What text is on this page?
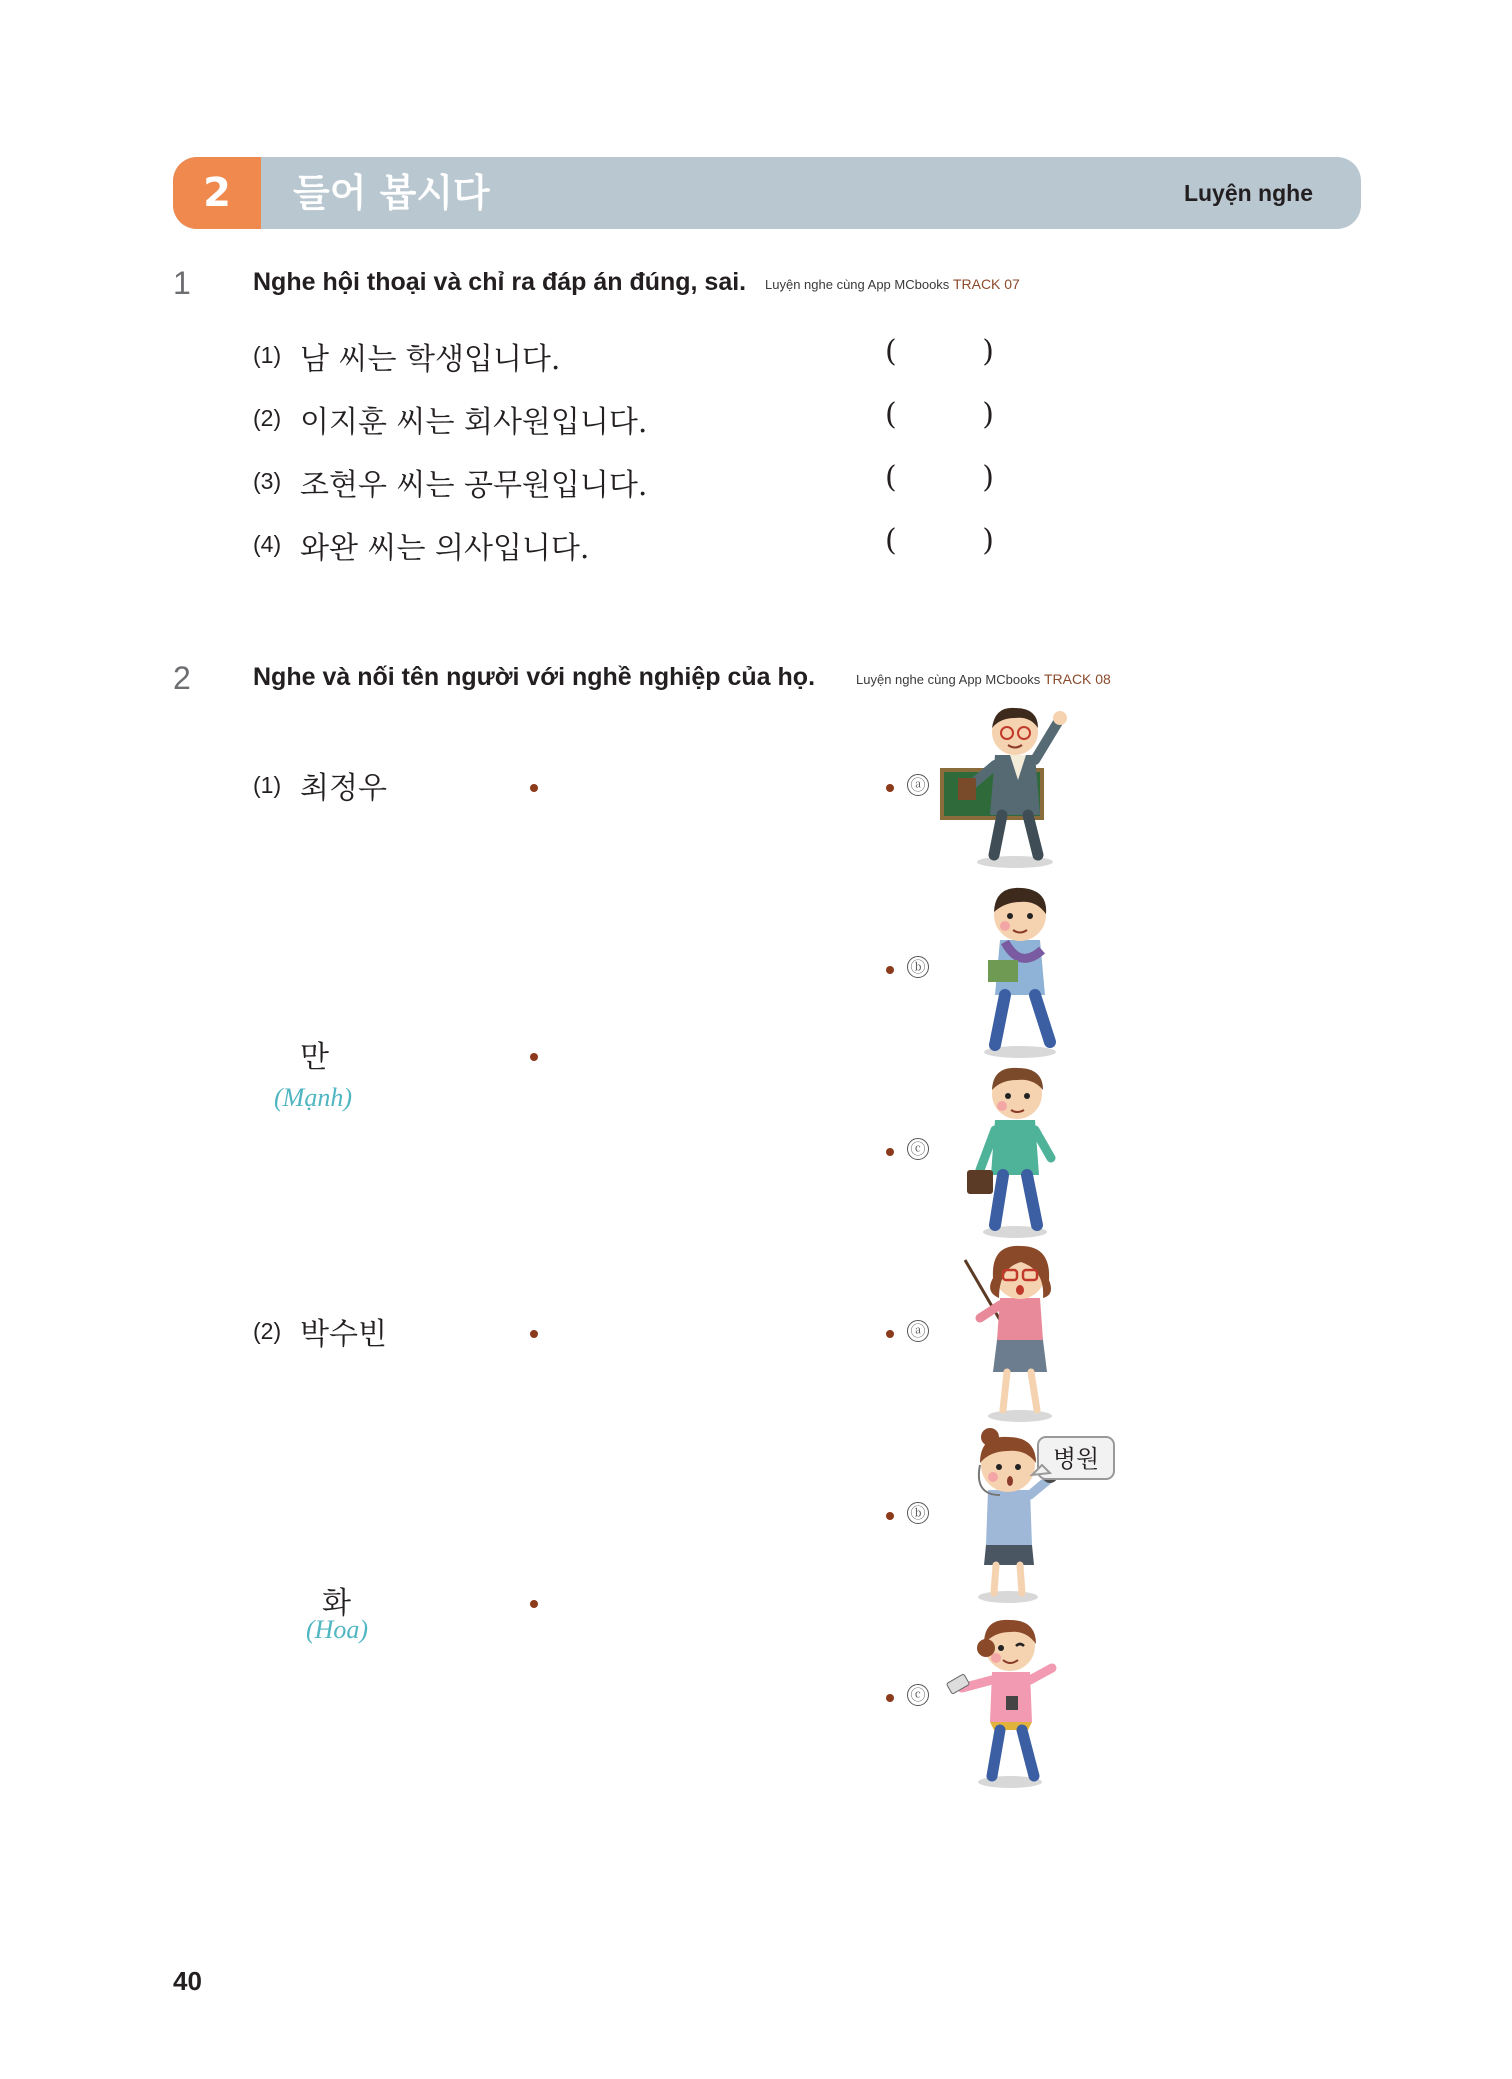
2	들어 봅시다	Luyện nghe
1 Nghe hội thoại và chỉ ra đáp án đúng, sai. Luyện nghe cùng App MCbooks TRACK 07
(1) 남 씨는 학생입니다.	( )
(2) 이지훈 씨는 회사원입니다.	( )
(3) 조현우 씨는 공무원입니다.	( )
(4) 와완 씨는 의사입니다.	( )
2 Nghe và nối tên người với nghề nghiệp của họ.	Luyện nghe cùng App MCbooks TRACK 08
(1) 최정우
만
(Mạnh)
(2) 박수빈
화
(Hoa)
ⓐ
ⓑ
ⓒ
ⓐ
ⓑ
ⓒ
병원
40
